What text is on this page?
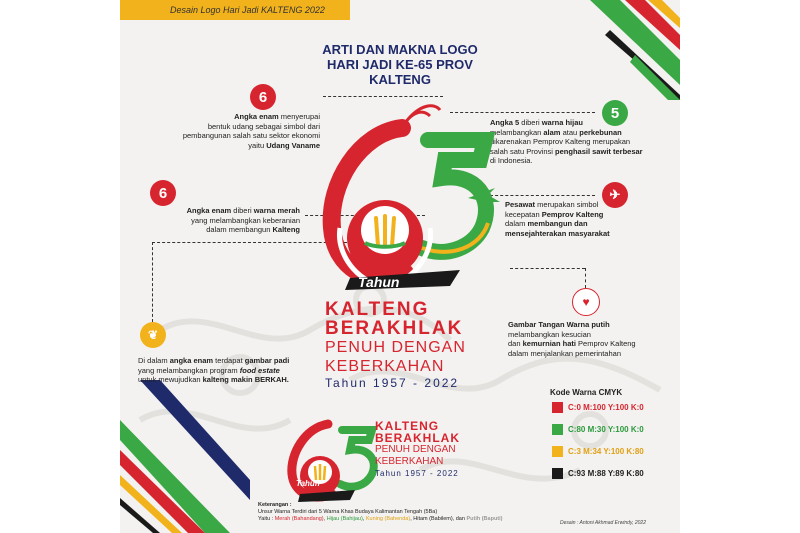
Desain Logo Hari Jadi KALTENG 2022
ARTI DAN MAKNA LOGO
HARI JADI KE-65 PROV KALTENG
6
Angka enam menyerupai
bentuk udang sebagai simbol dari
pembangunan salah satu sektor ekonomi
yaitu Udang Vaname
6
Angka enam diberi warna merah
yang melambangkan keberanian
dalam membangun Kalteng
5
Angka 5 diberi warna hijau
melambangkan alam atau perkebunan
dikarenakan Pemprov Kalteng merupakan
salah satu Provinsi penghasil sawit terbesar
di Indonesia.
✈
Pesawat merupakan simbol
kecepatan Pemprov Kalteng
dalam membangun dan
mensejahterakan masyarakat
❦
Di dalam angka enam terdapat gambar padi
yang melambangkan program food estate
untuk mewujudkan kalteng makin BERKAH.
♥
Gambar Tangan Warna putih
melambangkan kesucian
dan kemurnian hati Pemprov Kalteng
dalam menjalankan pemerintahan
Tahun
KALTENG
BERAKHLAK
PENUH DENGAN
KEBERKAHAN
Tahun 1957 - 2022
Kode Warna CMYK
Tahun
KALTENG
BERAKHLAK
PENUH DENGAN
KEBERKAHAN
Tahun 1957 - 2022
Keterangan :
Unsur Warna Terdiri dari 5 Warna Khas Budaya Kalimantan Tengah (5Ba)
Yaitu : Merah (Bahandang), Hijau (Bahijau), Kuning (Bahenda), Hitam (Babilem), dan Putih (Baputi)
Desain : Antoni Akhmad Erwindy, 2022
C:0 M:100 Y:100 K:0
C:80 M:30 Y:100 K:0
C:3 M:34 Y:100 K:80
C:93 M:88 Y:89 K:80
